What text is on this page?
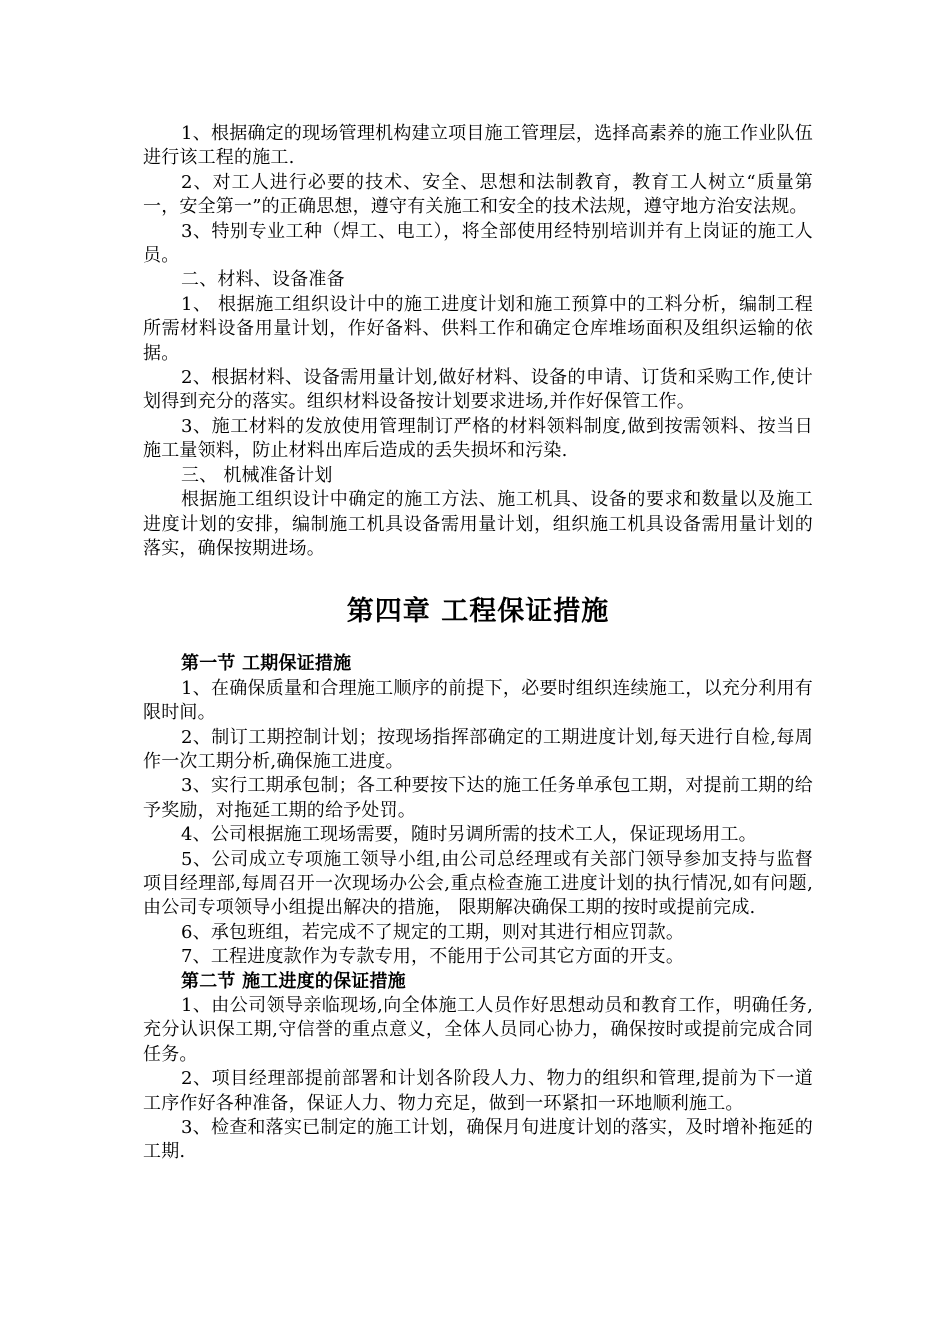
1、根据确定的现场管理机构建立项目施工管理层，选择高素养的施工作业队伍进行该工程的施工.

2、对工人进行必要的技术、安全、思想和法制教育，教育工人树立“质量第一，安全第一”的正确思想，遵守有关施工和安全的技术法规，遵守地方治安法规。

3、特别专业工种（焊工、电工），将全部使用经特别培训并有上岗证的施工人员。

二、材料、设备准备

1、 根据施工组织设计中的施工进度计划和施工预算中的工料分析，编制工程所需材料设备用量计划，作好备料、供料工作和确定仓库堆场面积及组织运输的依据。

2、根据材料、设备需用量计划,做好材料、设备的申请、订货和采购工作,使计划得到充分的落实。组织材料设备按计划要求进场,并作好保管工作。

3、施工材料的发放使用管理制订严格的材料领料制度,做到按需领料、按当日施工量领料，防止材料出库后造成的丢失损坏和污染.

三、 机械准备计划

根据施工组织设计中确定的施工方法、施工机具、设备的要求和数量以及施工进度计划的安排，编制施工机具设备需用量计划，组织施工机具设备需用量计划的落实，确保按期进场。

第四章 工程保证措施

第一节 工期保证措施

1、在确保质量和合理施工顺序的前提下，必要时组织连续施工，以充分利用有限时间。

2、制订工期控制计划；按现场指挥部确定的工期进度计划,每天进行自检,每周作一次工期分析,确保施工进度。

3、实行工期承包制；各工种要按下达的施工任务单承包工期，对提前工期的给予奖励，对拖延工期的给予处罚。

4、公司根据施工现场需要，随时另调所需的技术工人，保证现场用工。

5、公司成立专项施工领导小组,由公司总经理或有关部门领导参加支持与监督项目经理部,每周召开一次现场办公会,重点检查施工进度计划的执行情况,如有问题,由公司专项领导小组提出解决的措施， 限期解决确保工期的按时或提前完成.

6、承包班组，若完成不了规定的工期，则对其进行相应罚款。

7、工程进度款作为专款专用，不能用于公司其它方面的开支。

第二节 施工进度的保证措施

1、由公司领导亲临现场,向全体施工人员作好思想动员和教育工作，明确任务,充分认识保工期,守信誉的重点意义，全体人员同心协力，确保按时或提前完成合同任务。

2、项目经理部提前部署和计划各阶段人力、物力的组织和管理,提前为下一道工序作好各种准备，保证人力、物力充足，做到一环紧扣一环地顺利施工。

3、检查和落实已制定的施工计划，确保月旬进度计划的落实，及时增补拖延的工期.
